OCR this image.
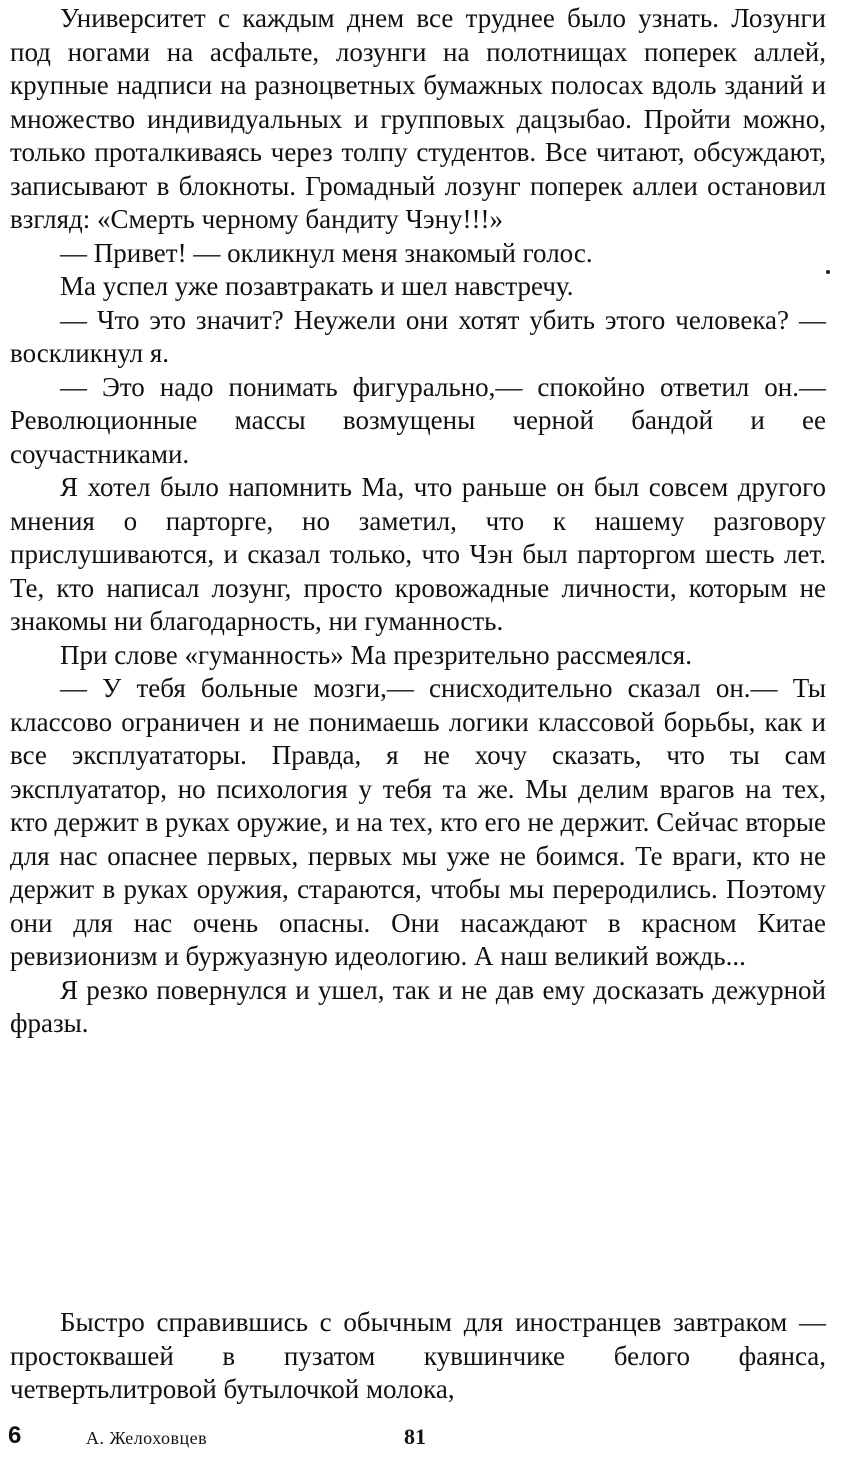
Университет с каждым днем все труднее было узнать. Лозунги под ногами на асфальте, лозунги на полотнищах поперек аллей, крупные надписи на разноцветных бумажных полосах вдоль зданий и множество индивидуальных и групповых дацзыбао. Пройти можно, только проталкиваясь через толпу студентов. Все читают, обсуждают, записывают в блокноты. Громадный лозунг поперек аллеи остановил взгляд: «Смерть черному бандиту Чэну!!!»

— Привет! — окликнул меня знакомый голос.

Ма успел уже позавтракать и шел навстречу.

— Что это значит? Неужели они хотят убить этого человека? — воскликнул я.

— Это надо понимать фигурально,— спокойно ответил он.— Революционные массы возмущены черной бандой и ее соучастниками.

Я хотел было напомнить Ма, что раньше он был совсем другого мнения о парторге, но заметил, что к нашему разговору прислушиваются, и сказал только, что Чэн был парторгом шесть лет. Те, кто написал лозунг, просто кровожадные личности, которым не знакомы ни благодарность, ни гуманность.

При слове «гуманность» Ма презрительно рассмеялся.

— У тебя больные мозги,— снисходительно сказал он.— Ты классово ограничен и не понимаешь логики классовой борьбы, как и все эксплуататоры. Правда, я не хочу сказать, что ты сам эксплуататор, но психология у тебя та же. Мы делим врагов на тех, кто держит в руках оружие, и на тех, кто его не держит. Сейчас вторые для нас опаснее первых, первых мы уже не боимся. Те враги, кто не держит в руках оружия, стараются, чтобы мы переродились. Поэтому они для нас очень опасны. Они насаждают в красном Китае ревизионизм и буржуазную идеологию. А наш великий вождь...

Я резко повернулся и ушел, так и не дав ему досказать дежурной фразы.

Быстро справившись с обычным для иностранцев завтраком — простоквашей в пузатом кувшинчике белого фаянса, четвертьлитровой бутылочкой молока,

6	А. Желоховцев	81
